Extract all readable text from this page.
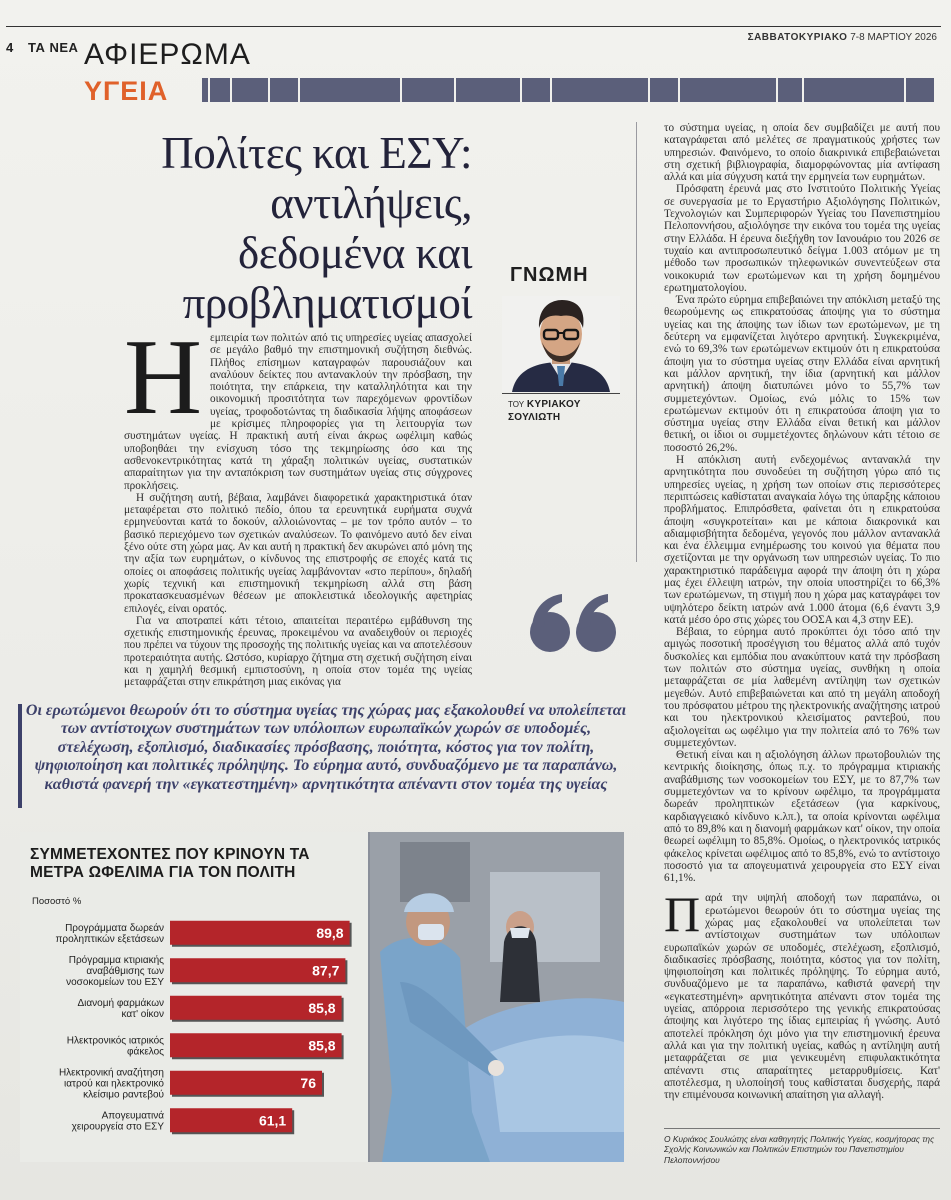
4 ΤΑ ΝΕΑ
ΣΑΒΒΑΤΟΚΥΡΙΑΚΟ 7-8 ΜΑΡΤΙΟΥ 2026
ΑΦΙΕΡΩΜΑ
ΥΓΕΙΑ
Πολίτες και ΕΣΥ: αντιλήψεις, δεδομένα και προβληματισμοί
ΓΝΩΜΗ
ΤΟΥ ΚΥΡΙΑΚΟΥ
ΣΟΥΛΙΩΤΗ
Η εμπειρία των πολιτών από τις υπηρεσίες υγείας απασχολεί σε μεγάλο βαθμό την επιστημονική συζήτηση διεθνώς. Πλήθος επίσημων καταγραφών παρουσιάζουν και αναλύουν δείκτες που αντανακλούν την πρόσβαση, την ποιότητα, την επάρκεια, την καταλληλότητα και την οικονομική προσιτότητα των παρεχόμενων φροντίδων υγείας, τροφοδοτώντας τη διαδικασία λήψης αποφάσεων με κρίσιμες πληροφορίες για τη λειτουργία των συστημάτων υγείας. Η πρακτική αυτή είναι άκρως ωφέλιμη καθώς υποβοηθάει την ενίσχυση τόσο της τεκμηρίωσης όσο και της ασθενοκεντρικότητας κατά τη χάραξη πολιτικών υγείας, συστατικών απαραίτητων για την ανταπόκριση των συστημάτων υγείας στις σύγχρονες προκλήσεις.

Η συζήτηση αυτή, βέβαια, λαμβάνει διαφορετικά χαρακτηριστικά όταν μεταφέρεται στο πολιτικό πεδίο, όπου τα ερευνητικά ευρήματα συχνά ερμηνεύονται κατά το δοκούν, αλλοιώνοντας – με τον τρόπο αυτόν – το βασικό περιεχόμενο των σχετικών αναλύσεων. Το φαινόμενο αυτό δεν είναι ξένο ούτε στη χώρα μας. Αν και αυτή η πρακτική δεν ακυρώνει από μόνη της την αξία των ευρημάτων, ο κίνδυνος της επιστροφής σε εποχές κατά τις οποίες οι αποφάσεις πολιτικής υγείας λαμβάνονταν «στο περίπου», δηλαδή χωρίς τεχνική και επιστημονική τεκμηρίωση αλλά στη βάση προκατασκευασμένων θέσεων με αποκλειστικά ιδεολογικής αφετηρίας επιλογές, είναι ορατός.

Για να αποτραπεί κάτι τέτοιο, απαιτείται περαιτέρω εμβάθυνση της σχετικής επιστημονικής έρευνας, προκειμένου να αναδειχθούν οι περιοχές που πρέπει να τύχουν της προσοχής της πολιτικής υγείας και να αποτελέσουν προτεραιότητα αυτής. Ωστόσο, κυρίαρχο ζήτημα στη σχετική συζήτηση είναι και η χαμηλή θεσμική εμπιστοσύνη, η οποία στον τομέα της υγείας μεταφράζεται στην επικράτηση μιας εικόνας για

το σύστημα υγείας, η οποία δεν συμβαδίζει με αυτή που καταγράφεται από μελέτες σε πραγματικούς χρήστες των υπηρεσιών. Φαινόμενο, το οποίο διακρινικά επιβεβαιώνεται στη σχετική βιβλιογραφία, διαμορφώνοντας μία αντίφαση αλλά και μία σύγχυση κατά την ερμηνεία των ευρημάτων.

Πρόσφατη έρευνά μας στο Ινστιτούτο Πολιτικής Υγείας σε συνεργασία με το Εργαστήριο Αξιολόγησης Πολιτικών, Τεχνολογιών και Συμπεριφορών Υγείας του Πανεπιστημίου Πελοποννήσου, αξιολόγησε την εικόνα του τομέα της υγείας στην Ελλάδα. Η έρευνα διεξήχθη τον Ιανουάριο του 2026 σε τυχαίο και αντιπροσωπευτικό δείγμα 1.003 ατόμων με τη μέθοδο των προσωπικών τηλεφωνικών συνεντεύξεων στα νοικοκυριά των ερωτώμενων και τη χρήση δομημένου ερωτηματολογίου.

Ένα πρώτο εύρημα επιβεβαιώνει την απόκλιση μεταξύ της θεωρούμενης ως επικρατούσας άποψης για το σύστημα υγείας και της άποψης των ίδιων των ερωτώμενων, με τη δεύτερη να εμφανίζεται λιγότερο αρνητική. Συγκεκριμένα, ενώ το 69,3% των ερωτώμενων εκτιμούν ότι η επικρατούσα άποψη για το σύστημα υγείας στην Ελλάδα είναι αρνητική και μάλλον αρνητική, την ίδια (αρνητική και μάλλον αρνητική) άποψη διατυπώνει μόνο το 55,7% των συμμετεχόντων. Ομοίως, ενώ μόλις το 15% των ερωτώμενων εκτιμούν ότι η επικρατούσα άποψη για το σύστημα υγείας στην Ελλάδα είναι θετική και μάλλον θετική, οι ίδιοι οι συμμετέχοντες δηλώνουν κάτι τέτοιο σε ποσοστό 26,2%.

Η απόκλιση αυτή ενδεχομένως αντανακλά την αρνητικότητα που συνοδεύει τη συζήτηση γύρω από τις υπηρεσίες υγείας, η χρήση των οποίων στις περισσότερες περιπτώσεις καθίσταται αναγκαία λόγω της ύπαρξης κάποιου προβλήματος. Επιπρόσθετα, φαίνεται ότι η επικρατούσα άποψη «συγκροτείται» και με κάποια διακρονικά και αδιαμφισβήτητα δεδομένα, γεγονός που μάλλον αντανακλά και ένα έλλειμμα ενημέρωσης του κοινού για θέματα που σχετίζονται με την οργάνωση των υπηρεσιών υγείας. Το πιο χαρακτηριστικό παράδειγμα αφορά την άποψη ότι η χώρα μας έχει έλλειψη ιατρών, την οποία υποστηρίζει το 66,3% των ερωτώμενων, τη στιγμή που η χώρα μας καταγράφει τον υψηλότερο δείκτη ιατρών ανά 1.000 άτομα (6,6 έναντι 3,9 κατά μέσο όρο στις χώρες του ΟΟΣΑ και 4,3 στην ΕΕ).

Βέβαια, το εύρημα αυτό προκύπτει όχι τόσο από την αμιγώς ποσοτική προσέγγιση του θέματος αλλά από τυχόν δυσκολίες και εμπόδια που ανακύπτουν κατά την πρόσβαση των πολιτών στο σύστημα υγείας, συνθήκη η οποία μεταφράζεται σε μία λαθεμένη αντίληψη των σχετικών μεγεθών. Αυτό επιβεβαιώνεται και από τη μεγάλη αποδοχή του πρόσφατου μέτρου της ηλεκτρονικής αναζήτησης ιατρού και του ηλεκτρονικού κλεισίματος ραντεβού, που αξιολογείται ως ωφέλιμο για την πολιτεία από το 76% των συμμετεχόντων.

Θετική είναι και η αξιολόγηση άλλων πρωτοβουλιών της κεντρικής διοίκησης, όπως π.χ. το πρόγραμμα κτιριακής αναβάθμισης των νοσοκομείων του ΕΣΥ, με το 87,7% των συμμετεχόντων να το κρίνουν ωφέλιμο, τα προγράμματα δωρεάν προληπτικών εξετάσεων (για καρκίνους, καρδιαγγειακό κίνδυνο κ.λπ.), τα οποία κρίνονται ωφέλιμα από το 89,8% και η διανομή φαρμάκων κατ' οίκον, την οποία θεωρεί ωφέλιμη το 85,8%. Ομοίως, ο ηλεκτρονικός ιατρικός φάκελος κρίνεται ωφέλιμος από το 85,8%, ενώ το αντίστοιχο ποσοστό για τα απογευματινά χειρουργεία στο ΕΣΥ είναι 61,1%.

Παρά την υψηλή αποδοχή των παραπάνω, οι ερωτώμενοι θεωρούν ότι το σύστημα υγείας της χώρας μας εξακολουθεί να υπολείπεται των αντίστοιχων συστημάτων των υπόλοιπων ευρωπαϊκών χωρών σε υποδομές, στελέχωση, εξοπλισμό, διαδικασίες πρόσβασης, ποιότητα, κόστος για τον πολίτη, ψηφιοποίηση και πολιτικές πρόληψης. Το εύρημα αυτό, συνδυαζόμενο με τα παραπάνω, καθιστά φανερή την «εγκατεστημένη» αρνητικότητα απέναντι στον τομέα της υγείας, απόρροια περισσότερο της γενικής επικρατούσας άποψης και λιγότερο της ίδιας εμπειρίας ή γνώσης. Αυτό αποτελεί πρόκληση όχι μόνο για την επιστημονική έρευνα αλλά και για την πολιτική υγείας, καθώς η αντίληψη αυτή μεταφράζεται σε μια γενικευμένη επιφυλακτικότητα απέναντι στις απαραίτητες μεταρρυθμίσεις. Κατ' αποτέλεσμα, η υλοποίησή τους καθίσταται δυσχερής, παρά την επιμένουσα κοινωνική απαίτηση για αλλαγή.

Οι ερωτώμενοι θεωρούν ότι το σύστημα υγείας της χώρας μας εξακολουθεί να υπολείπεται των αντίστοιχων συστημάτων των υπόλοιπων ευρωπαϊκών χωρών σε υποδομές, στελέχωση, εξοπλισμό, διαδικασίες πρόσβασης, ποιότητα, κόστος για τον πολίτη, ψηφιοποίηση και πολιτικές πρόληψης. Το εύρημα αυτό, συνδυαζόμενο με τα παραπάνω, καθιστά φανερή την «εγκατεστημένη» αρνητικότητα απέναντι στον τομέα της υγείας
ΣΥΜΜΕΤΕΧΟΝΤΕΣ ΠΟΥ ΚΡΙΝΟΥΝ ΤΑ ΜΕΤΡΑ ΩΦΕΛΙΜΑ ΓΙΑ ΤΟΝ ΠΟΛΙΤΗ
Ποσοστό %
89,8
Προγράμματα δωρεάν
προληπτικών εξετάσεων
87,7
Πρόγραμμα κτιριακής
αναβάθμισης των
νοσοκομείων του ΕΣΥ
85,8
Διανομή φαρμάκων
κατ' οίκον
85,8
Ηλεκτρονικός ιατρικός
φάκελος
76
Ηλεκτρονική αναζήτηση
ιατρού και ηλεκτρονικό
κλείσιμο ραντεβού
61,1
Απογευματινά
χειρουργεία στο ΕΣΥ
Ο Κυριάκος Σουλιώτης είναι καθηγητής Πολιτικής Υγείας, κοσμήτορας της Σχολής Κοινωνικών και Πολιτικών Επιστημών του Πανεπιστημίου Πελοποννήσου
